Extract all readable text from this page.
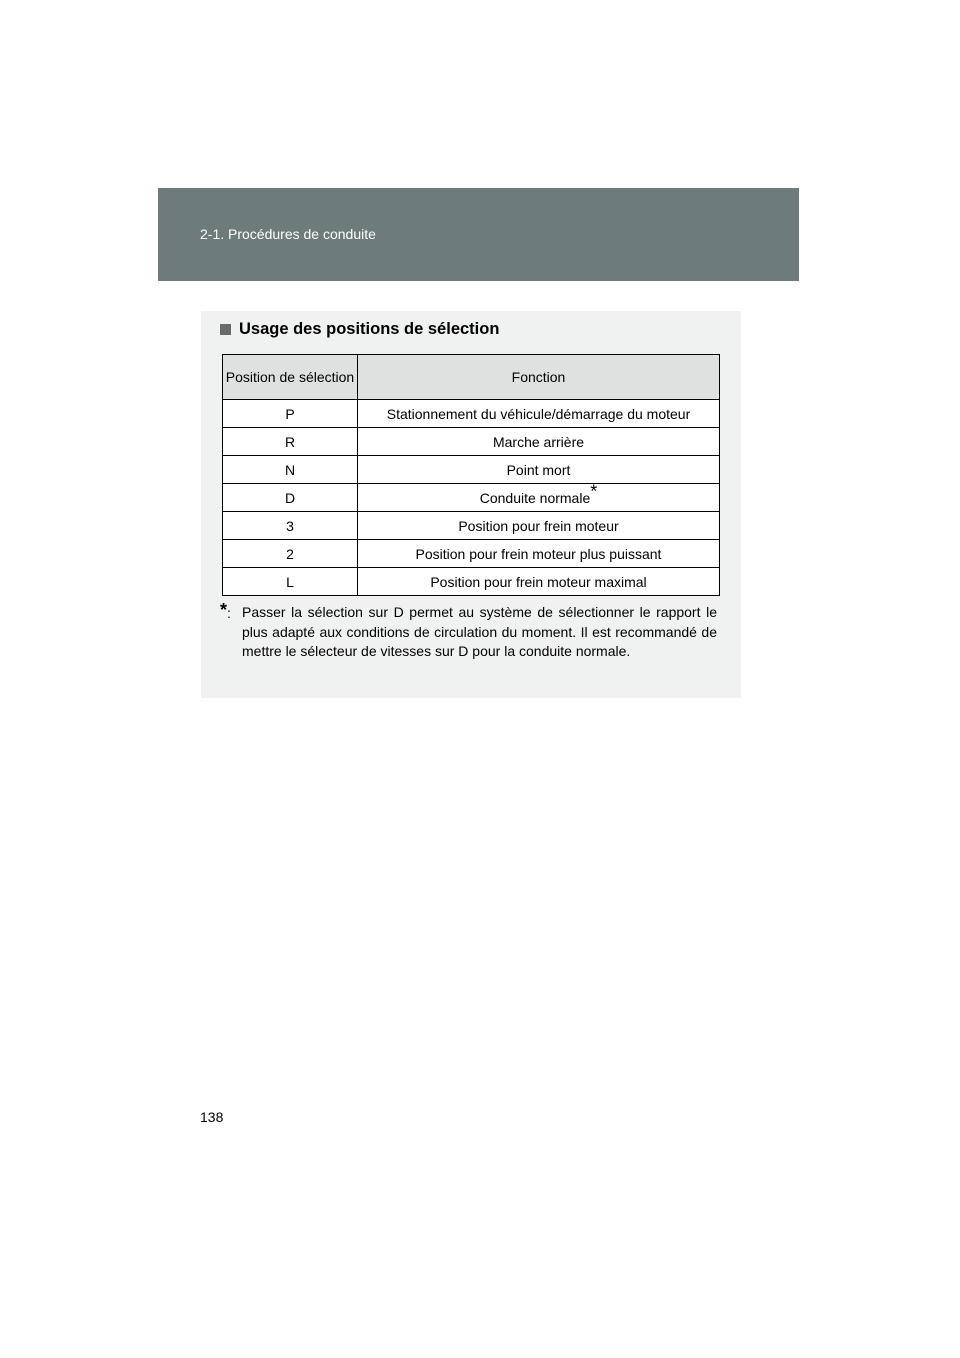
2-1. Procédures de conduite
Usage des positions de sélection
Position de sélection	Fonction
P	Stationnement du véhicule/démarrage du moteur
R	Marche arrière
N	Point mort
D	Conduite normale*
3	Position pour frein moteur
2	Position pour frein moteur plus puissant
L	Position pour frein moteur maximal
*: Passer la sélection sur D permet au système de sélectionner le rapport le plus adapté aux conditions de circulation du moment. Il est recommandé de mettre le sélecteur de vitesses sur D pour la conduite normale.
138
